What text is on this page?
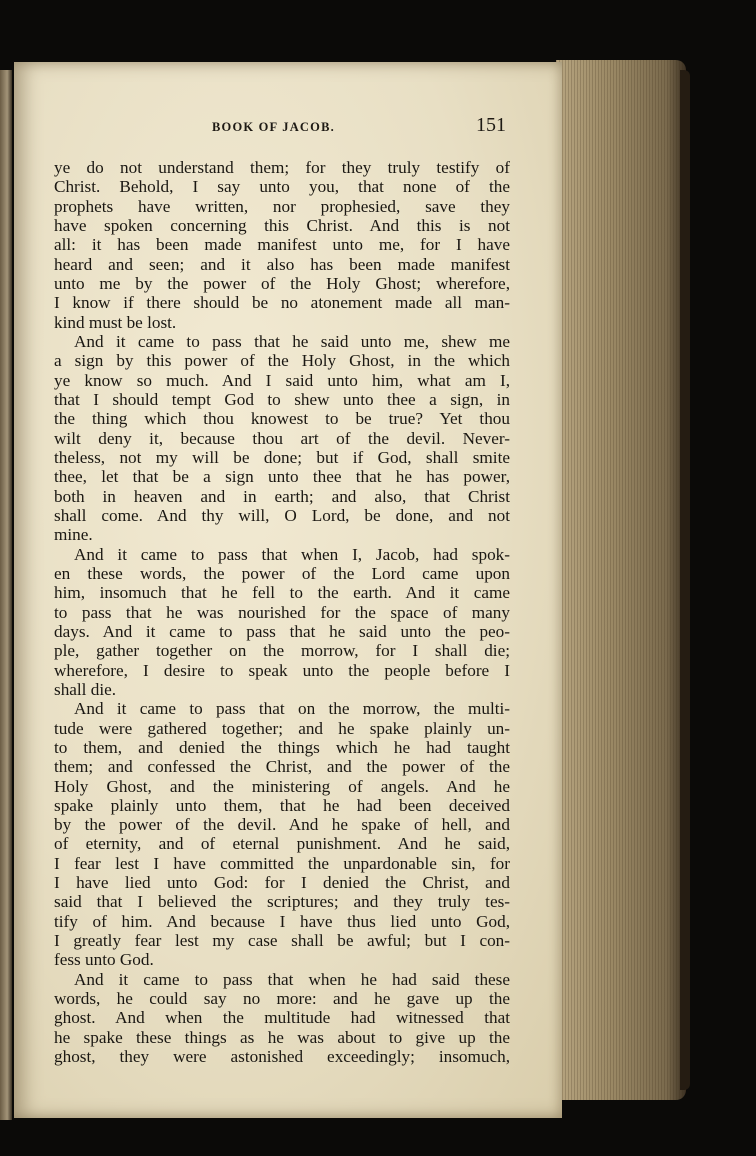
BOOK OF JACOB.	151
ye do not understand them; for they truly testify of
Christ. Behold, I say unto you, that none of the
prophets have written, nor prophesied, save they
have spoken concerning this Christ. And this is not
all: it has been made manifest unto me, for I have
heard and seen; and it also has been made manifest
unto me by the power of the Holy Ghost; wherefore,
I know if there should be no atonement made all man-
kind must be lost.
And it came to pass that he said unto me, shew me
a sign by this power of the Holy Ghost, in the which
ye know so much. And I said unto him, what am I,
that I should tempt God to shew unto thee a sign, in
the thing which thou knowest to be true? Yet thou
wilt deny it, because thou art of the devil. Never-
theless, not my will be done; but if God, shall smite
thee, let that be a sign unto thee that he has power,
both in heaven and in earth; and also, that Christ
shall come. And thy will, O Lord, be done, and not
mine.
And it came to pass that when I, Jacob, had spok-
en these words, the power of the Lord came upon
him, insomuch that he fell to the earth. And it came
to pass that he was nourished for the space of many
days. And it came to pass that he said unto the peo-
ple, gather together on the morrow, for I shall die;
wherefore, I desire to speak unto the people before I
shall die.
And it came to pass that on the morrow, the multi-
tude were gathered together; and he spake plainly un-
to them, and denied the things which he had taught
them; and confessed the Christ, and the power of the
Holy Ghost, and the ministering of angels. And he
spake plainly unto them, that he had been deceived
by the power of the devil. And he spake of hell, and
of eternity, and of eternal punishment. And he said,
I fear lest I have committed the unpardonable sin, for
I have lied unto God: for I denied the Christ, and
said that I believed the scriptures; and they truly tes-
tify of him. And because I have thus lied unto God,
I greatly fear lest my case shall be awful; but I con-
fess unto God.
And it came to pass that when he had said these
words, he could say no more: and he gave up the
ghost. And when the multitude had witnessed that
he spake these things as he was about to give up the
ghost, they were astonished exceedingly; insomuch,
